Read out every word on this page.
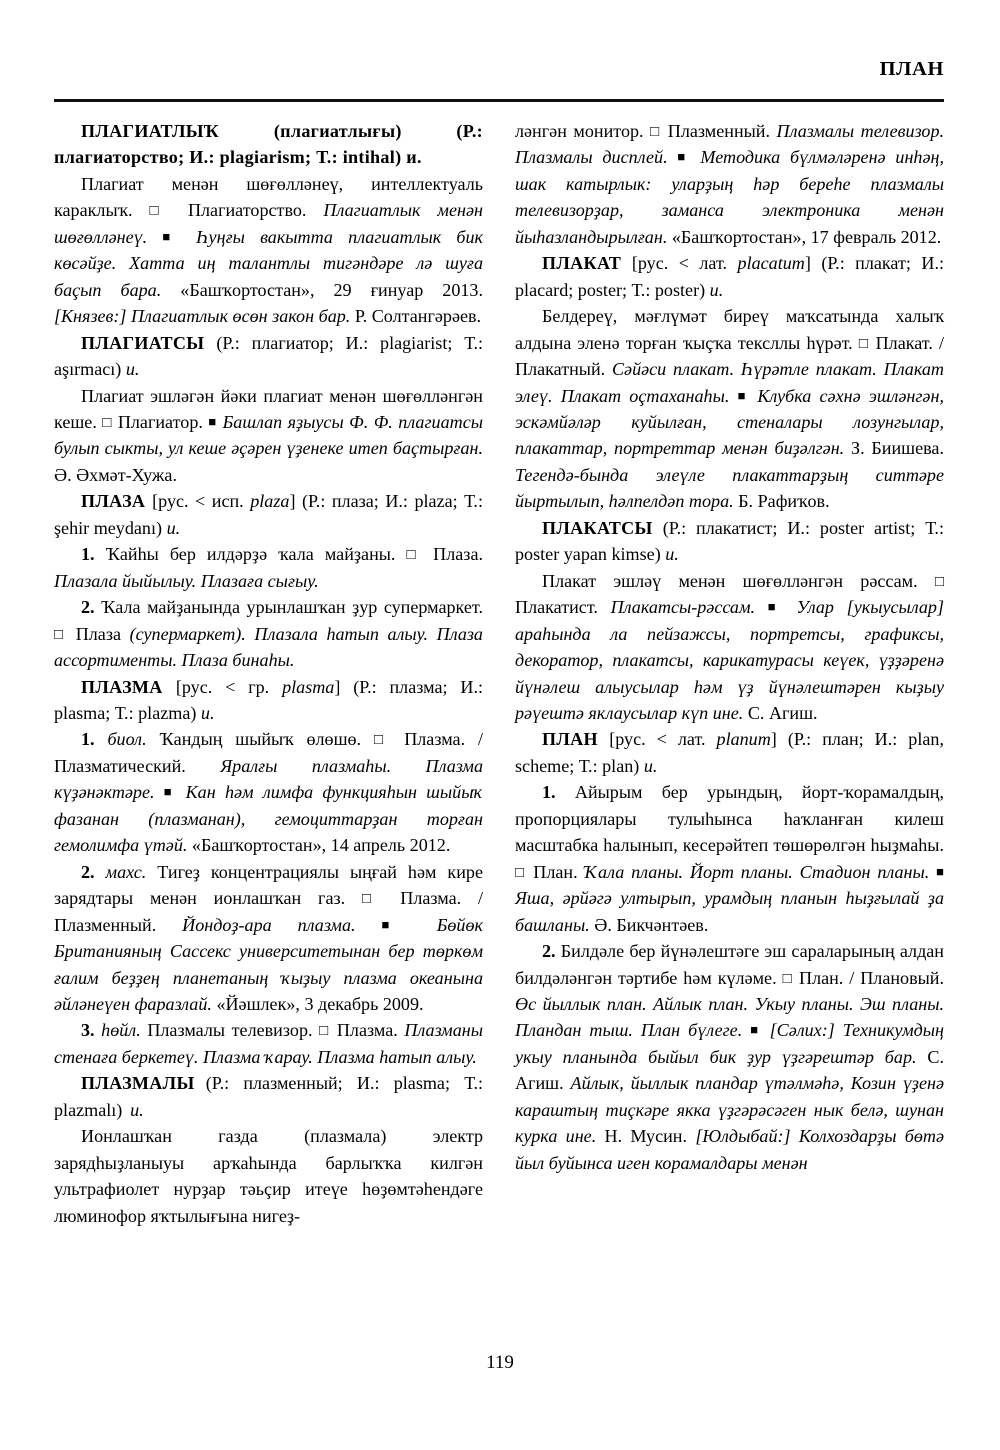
ПЛАН

ПЛАГИАТЛЫҠ (плагиатлығы) (Р.: плагиаторство; И.: plagiarism; Т.: intihal) и.

Плагиат менән шөғөлләнеү, интеллектуаль караклыҡ. □ Плагиаторство. Плагиатлык менән шөғөлләнеү. ■ Һуңғы вакытта плагиатлык бик көсәйҙе. Хатта иң талантлы тигәндәре лә шуға баçып бара. «Башҡортостан», 29 ғинуар 2013. [Князев:] Плагиатлык өсөн закон бар. Р. Солтангәрәев.

ПЛАГИАТСЫ (Р.: плагиатор; И.: plagiarist; Т.: aşırmacı) и.

Плагиат эшләгән йәки плагиат менән шөғөлләнгән кеше. □ Плагиатор. ■ Башлап яҙыусы Ф. Ф. плагиатсы булып сыкты, ул кеше әçәрен үҙенеке итеп баçтырған. Ә. Әхмәт-Хужа.

ПЛАЗА [рус. < исп. plaza] (Р.: плаза; И.: plaza; Т.: şehir meydanı) и.

1. Ҡайһы бер илдәрҙә ҡала майҙаны. □ Плаза. Плазала йыйылыу. Плазаға сығыу.

2. Ҡала майҙанында урынлашҡан ҙур супермаркет. □ Плаза (супермаркет). Плазала һатып алыу. Плаза ассортименты. Плаза бинаһы.

ПЛАЗМА [рус. < гр. plasma] (Р.: плазма; И.: plasma; Т.: plazma) и.

1. биол. Ҡандың шыйыҡ өлөшө. □ Плазма. / Плазматический. Яралғы плазмаһы. Плазма күҙәнәктәре. ■ Кан һәм лимфа функцияһын шыйыҡ фазанан (плазманан), гемоциттарҙан торған гемолимфа үтәй. «Башҡортостан», 14 апрель 2012.

2. махс. Тигеҙ концентрациялы ыңғай һәм кире зарядтары менән ионлашҡан газ. □ Плазма. / Плазменный. Йондоҙ-ара плазма. ■ Бөйөк Британияның Сассекс университетынан бер төркөм ғалим беҙҙең планетаның ҡыҙыу плазма океанына әйләнеүен фаразлай. «Йәшлек», 3 декабрь 2009.

3. һөйл. Плазмалы телевизор. □ Плазма. Плазманы стенаға беркетеү. Плазма ҡарау. Плазма һатып алыу.

ПЛАЗМАЛЫ (Р.: плазменный; И.: plasma; Т.: plazmalı) и.

Ионлашҡан газда (плазмала) электр зарядһыҙланыуы арҡаһында барлыҡҡа килгән ультрафиолет нурҙар тәьçир итеүе һөҙөмтәһендәге люминофор яҡтылығына нигеҙ-

ләнгән монитор. □ Плазменный. Плазмалы телевизор. Плазмалы дисплей. ■ Методика бүлмәләренә инһәң, шак катырлык: уларҙың һәр береһе плазмалы телевизорҙар, заманса электроника менән йыһазландырылған. «Башҡортостан», 17 февраль 2012.

ПЛАКАТ [рус. < лат. placatum] (Р.: плакат; И.: placard; poster; Т.: poster) и.

Белдереү, мәғлүмәт биреү маҡсатында халыҡ алдына эленә торған ҡыçҡа тексллы һүрәт. □ Плакат. / Плакатный. Сәйәси плакат. Һүрәтле плакат. Плакат элеү. Плакат оçтаханаһы. ■ Клубка сәхнә эшләнгән, эскәмйәләр куйылған, стеналары лозунгылар, плакаттар, портреттар менән биҙәлгән. З. Биишева. Тегендә-бында элеүле плакаттарҙың ситтәре йыртылып, һәлпелдәп тора. Б. Рафиҡов.

ПЛАКАТСЫ (Р.: плакатист; И.: poster artist; Т.: poster yapan kimse) и.

Плакат эшләү менән шөғөлләнгән рәссам. □ Плакатист. Плакатсы-рәссам. ■ Улар [укыусылар] араһында ла пейзажсы, портретсы, графиксы, декоратор, плакатсы, карикатурасы кеүек, үҙҙәренә йүнәлеш алыусылар һәм үҙ йүнәлештәрен кыҙыу рәүештә яклаусылар күп ине. С. Агиш.

ПЛАН [рус. < лат. planum] (Р.: план; И.: plan, scheme; Т.: plan) и.

1. Айырым бер урындың, йорт-ҡорамалдың, пропорциялары тулыһынса һаҡланған килеш масштабка һалынып, кесерәйтеп төшөрөлгән һыҙмаһы. □ План. Ҡала планы. Йорт планы. Стадион планы. ■ Яша, әрйәгә ултырып, урамдың планын һыҙғылай ҙа башланы. Ә. Бикчәнтәев.

2. Билдәле бер йүнәлештәге эш сараларының алдан билдәләнгән тәртибе һәм күләме. □ План. / Плановый. Өс йыллык план. Айлык план. Укыу планы. Эш планы. Пландан тыш. План бүлеге. ■ [Сәлих:] Техникумдың укыу планында быйыл бик ҙур үҙгәрештәр бар. С. Агиш. Айлык, йыллык пландар үтәлмәһә, Козин үҙенә караштың тиçкәре якка үҙгәрәсәген нык белә, шунан курка ине. Н. Мусин. [Юлдыбай:] Колхоздарҙы бөтә йыл буйынса иген корамалдары менән

119
